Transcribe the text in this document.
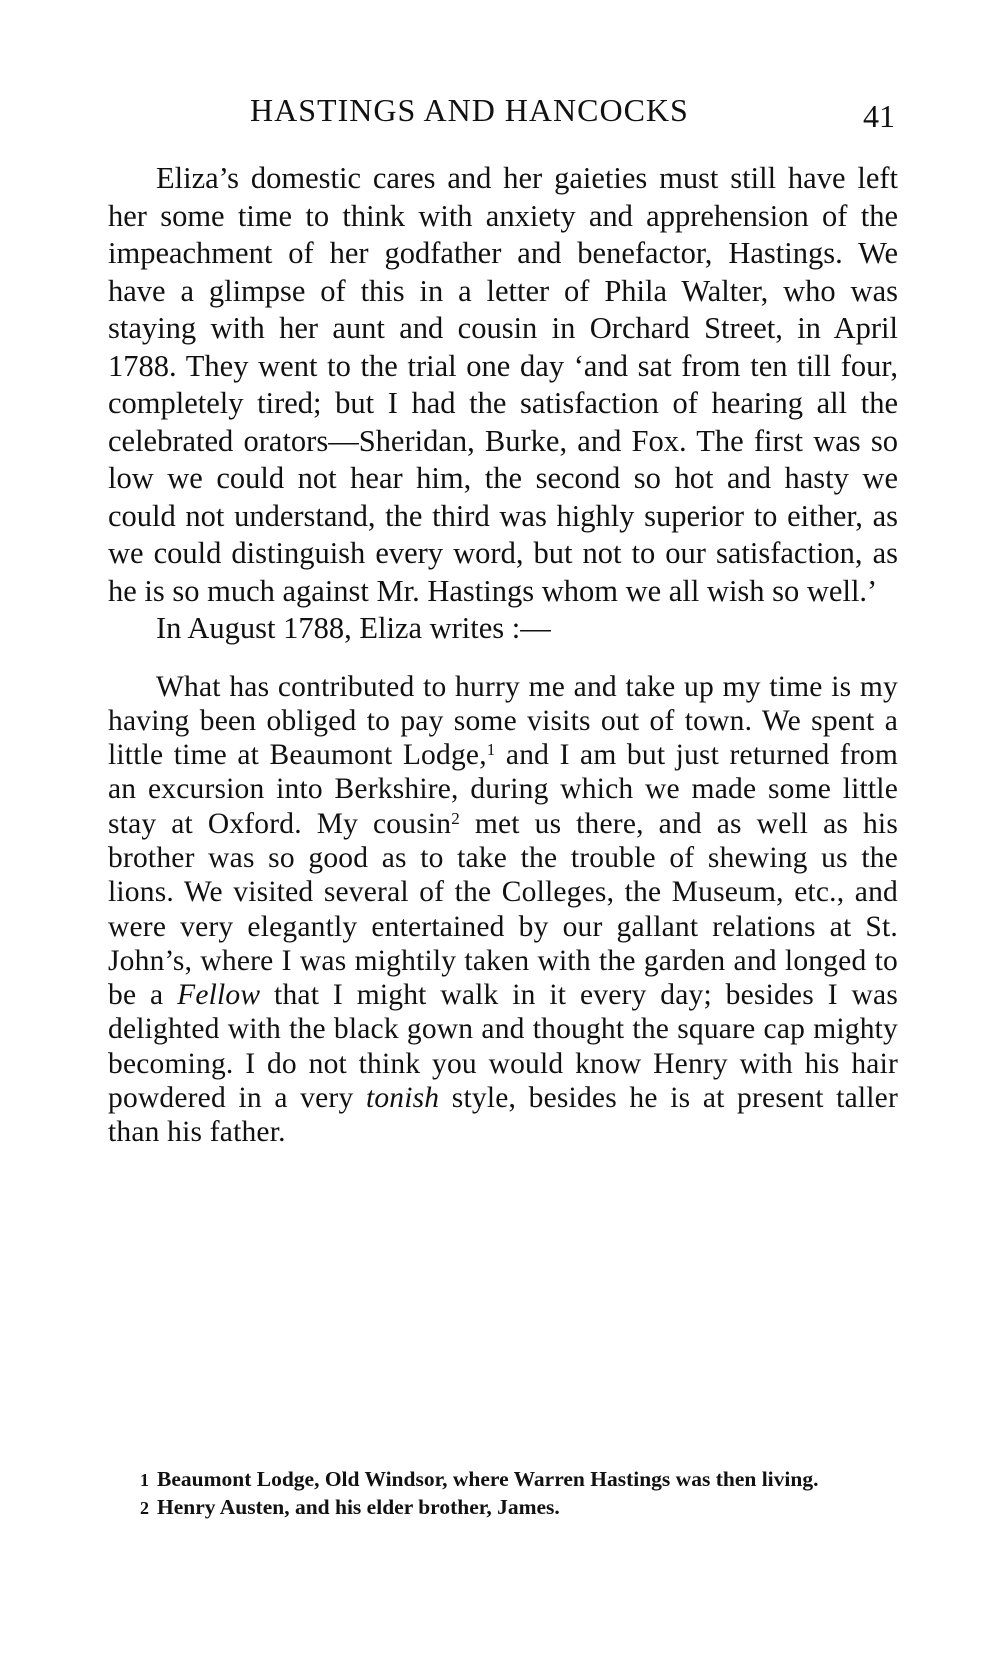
HASTINGS AND HANCOCKS	41

Eliza’s domestic cares and her gaieties must still have left her some time to think with anxiety and apprehension of the impeachment of her godfather and benefactor, Hastings. We have a glimpse of this in a letter of Phila Walter, who was staying with her aunt and cousin in Orchard Street, in April 1788. They went to the trial one day ‘and sat from ten till four, completely tired; but I had the satisfaction of hearing all the celebrated orators—Sheridan, Burke, and Fox. The first was so low we could not hear him, the second so hot and hasty we could not understand, the third was highly superior to either, as we could distinguish every word, but not to our satisfaction, as he is so much against Mr. Hastings whom we all wish so well.’

In August 1788, Eliza writes :—

What has contributed to hurry me and take up my time is my having been obliged to pay some visits out of town. We spent a little time at Beaumont Lodge,$^1$ and I am but just returned from an excursion into Berkshire, during which we made some little stay at Oxford. My cousin$^2$ met us there, and as well as his brother was so good as to take the trouble of shewing us the lions. We visited several of the Colleges, the Museum, etc., and were very elegantly entertained by our gallant relations at St. John’s, where I was mightily taken with the garden and longed to be a Fellow that I might walk in it every day; besides I was delighted with the black gown and thought the square cap mighty becoming. I do not think you would know Henry with his hair powdered in a very tonish style, besides he is at present taller than his father.

1 Beaumont Lodge, Old Windsor, where Warren Hastings was then living.

2 Henry Austen, and his elder brother, James.
